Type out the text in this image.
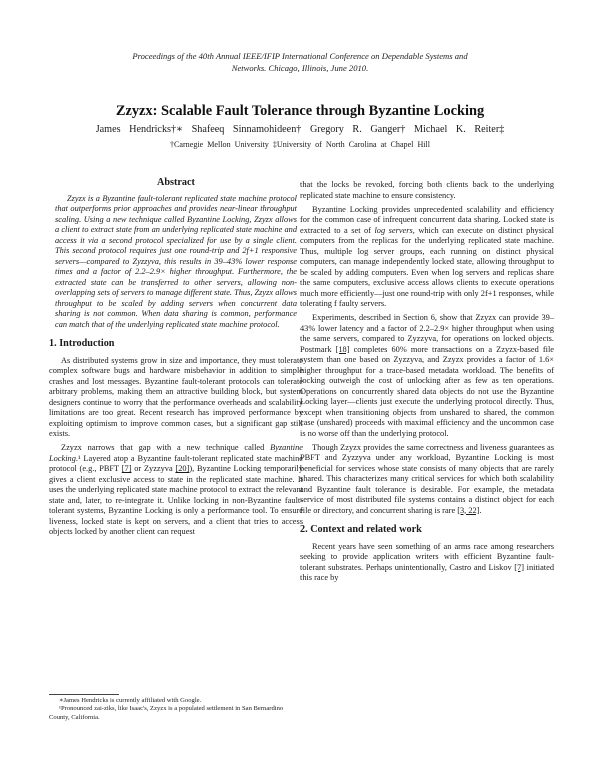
Proceedings of the 40th Annual IEEE/IFIP International Conference on Dependable Systems and
Networks. Chicago, Illinois, June 2010.
Zzyzx: Scalable Fault Tolerance through Byzantine Locking
James Hendricks†∗ Shafeeq Sinnamohideen† Gregory R. Ganger† Michael K. Reiter‡
†Carnegie Mellon University ‡University of North Carolina at Chapel Hill
Abstract

Zzyzx is a Byzantine fault-tolerant replicated state machine protocol that outperforms prior approaches and provides near-linear throughput scaling. Using a new technique called Byzantine Locking, Zzyzx allows a client to extract state from an underlying replicated state machine and access it via a second protocol specialized for use by a single client. This second protocol requires just one round-trip and 2f+1 responsive servers—compared to Zyzzyva, this results in 39–43% lower response times and a factor of 2.2–2.9× higher throughput. Furthermore, the extracted state can be transferred to other servers, allowing non-overlapping sets of servers to manage different state. Thus, Zzyzx allows throughput to be scaled by adding servers when concurrent data sharing is not common. When data sharing is common, performance can match that of the underlying replicated state machine protocol.

1. Introduction

As distributed systems grow in size and importance, they must tolerate complex software bugs and hardware misbehavior in addition to simple crashes and lost messages. Byzantine fault-tolerant protocols can tolerate arbitrary problems, making them an attractive building block, but system designers continue to worry that the performance overheads and scalability limitations are too great. Recent research has improved performance by exploiting optimism to improve common cases, but a significant gap still exists.

Zzyzx narrows that gap with a new technique called Byzantine Locking.¹ Layered atop a Byzantine fault-tolerant replicated state machine protocol (e.g., PBFT [7] or Zyzzyva [20]), Byzantine Locking temporarily gives a client exclusive access to state in the replicated state machine. It uses the underlying replicated state machine protocol to extract the relevant state and, later, to re-integrate it. Unlike locking in non-Byzantine fault-tolerant systems, Byzantine Locking is only a performance tool. To ensure liveness, locked state is kept on servers, and a client that tries to access objects locked by another client can request

that the locks be revoked, forcing both clients back to the underlying replicated state machine to ensure consistency.

Byzantine Locking provides unprecedented scalability and efficiency for the common case of infrequent concurrent data sharing. Locked state is extracted to a set of log servers, which can execute on distinct physical computers from the replicas for the underlying replicated state machine. Thus, multiple log server groups, each running on distinct physical computers, can manage independently locked state, allowing throughput to be scaled by adding computers. Even when log servers and replicas share the same computers, exclusive access allows clients to execute operations much more efficiently—just one round-trip with only 2f+1 responses, while tolerating f faulty servers.

Experiments, described in Section 6, show that Zzyzx can provide 39–43% lower latency and a factor of 2.2–2.9× higher throughput when using the same servers, compared to Zyzzyva, for operations on locked objects. Postmark [18] completes 60% more transactions on a Zzyzx-based file system than one based on Zyzzyva, and Zzyzx provides a factor of 1.6× higher throughput for a trace-based metadata workload. The benefits of locking outweigh the cost of unlocking after as few as ten operations. Operations on concurrently shared data objects do not use the Byzantine Locking layer—clients just execute the underlying protocol directly. Thus, except when transitioning objects from unshared to shared, the common case (unshared) proceeds with maximal efficiency and the uncommon case is no worse off than the underlying protocol.

Though Zzyzx provides the same correctness and liveness guarantees as PBFT and Zyzzyva under any workload, Byzantine Locking is most beneficial for services whose state consists of many objects that are rarely shared. This characterizes many critical services for which both scalability and Byzantine fault tolerance is desirable. For example, the metadata service of most distributed file systems contains a distinct object for each file or directory, and concurrent sharing is rare [3, 22].

2. Context and related work

Recent years have seen something of an arms race among researchers seeking to provide application writers with efficient Byzantine fault-tolerant substrates. Perhaps unintentionally, Castro and Liskov [7] initiated this race by

∗James Hendricks is currently affiliated with Google.

¹Pronounced zai-ziks, like Isaac's, Zzyzx is a populated settlement in San Bernardino County, California.
